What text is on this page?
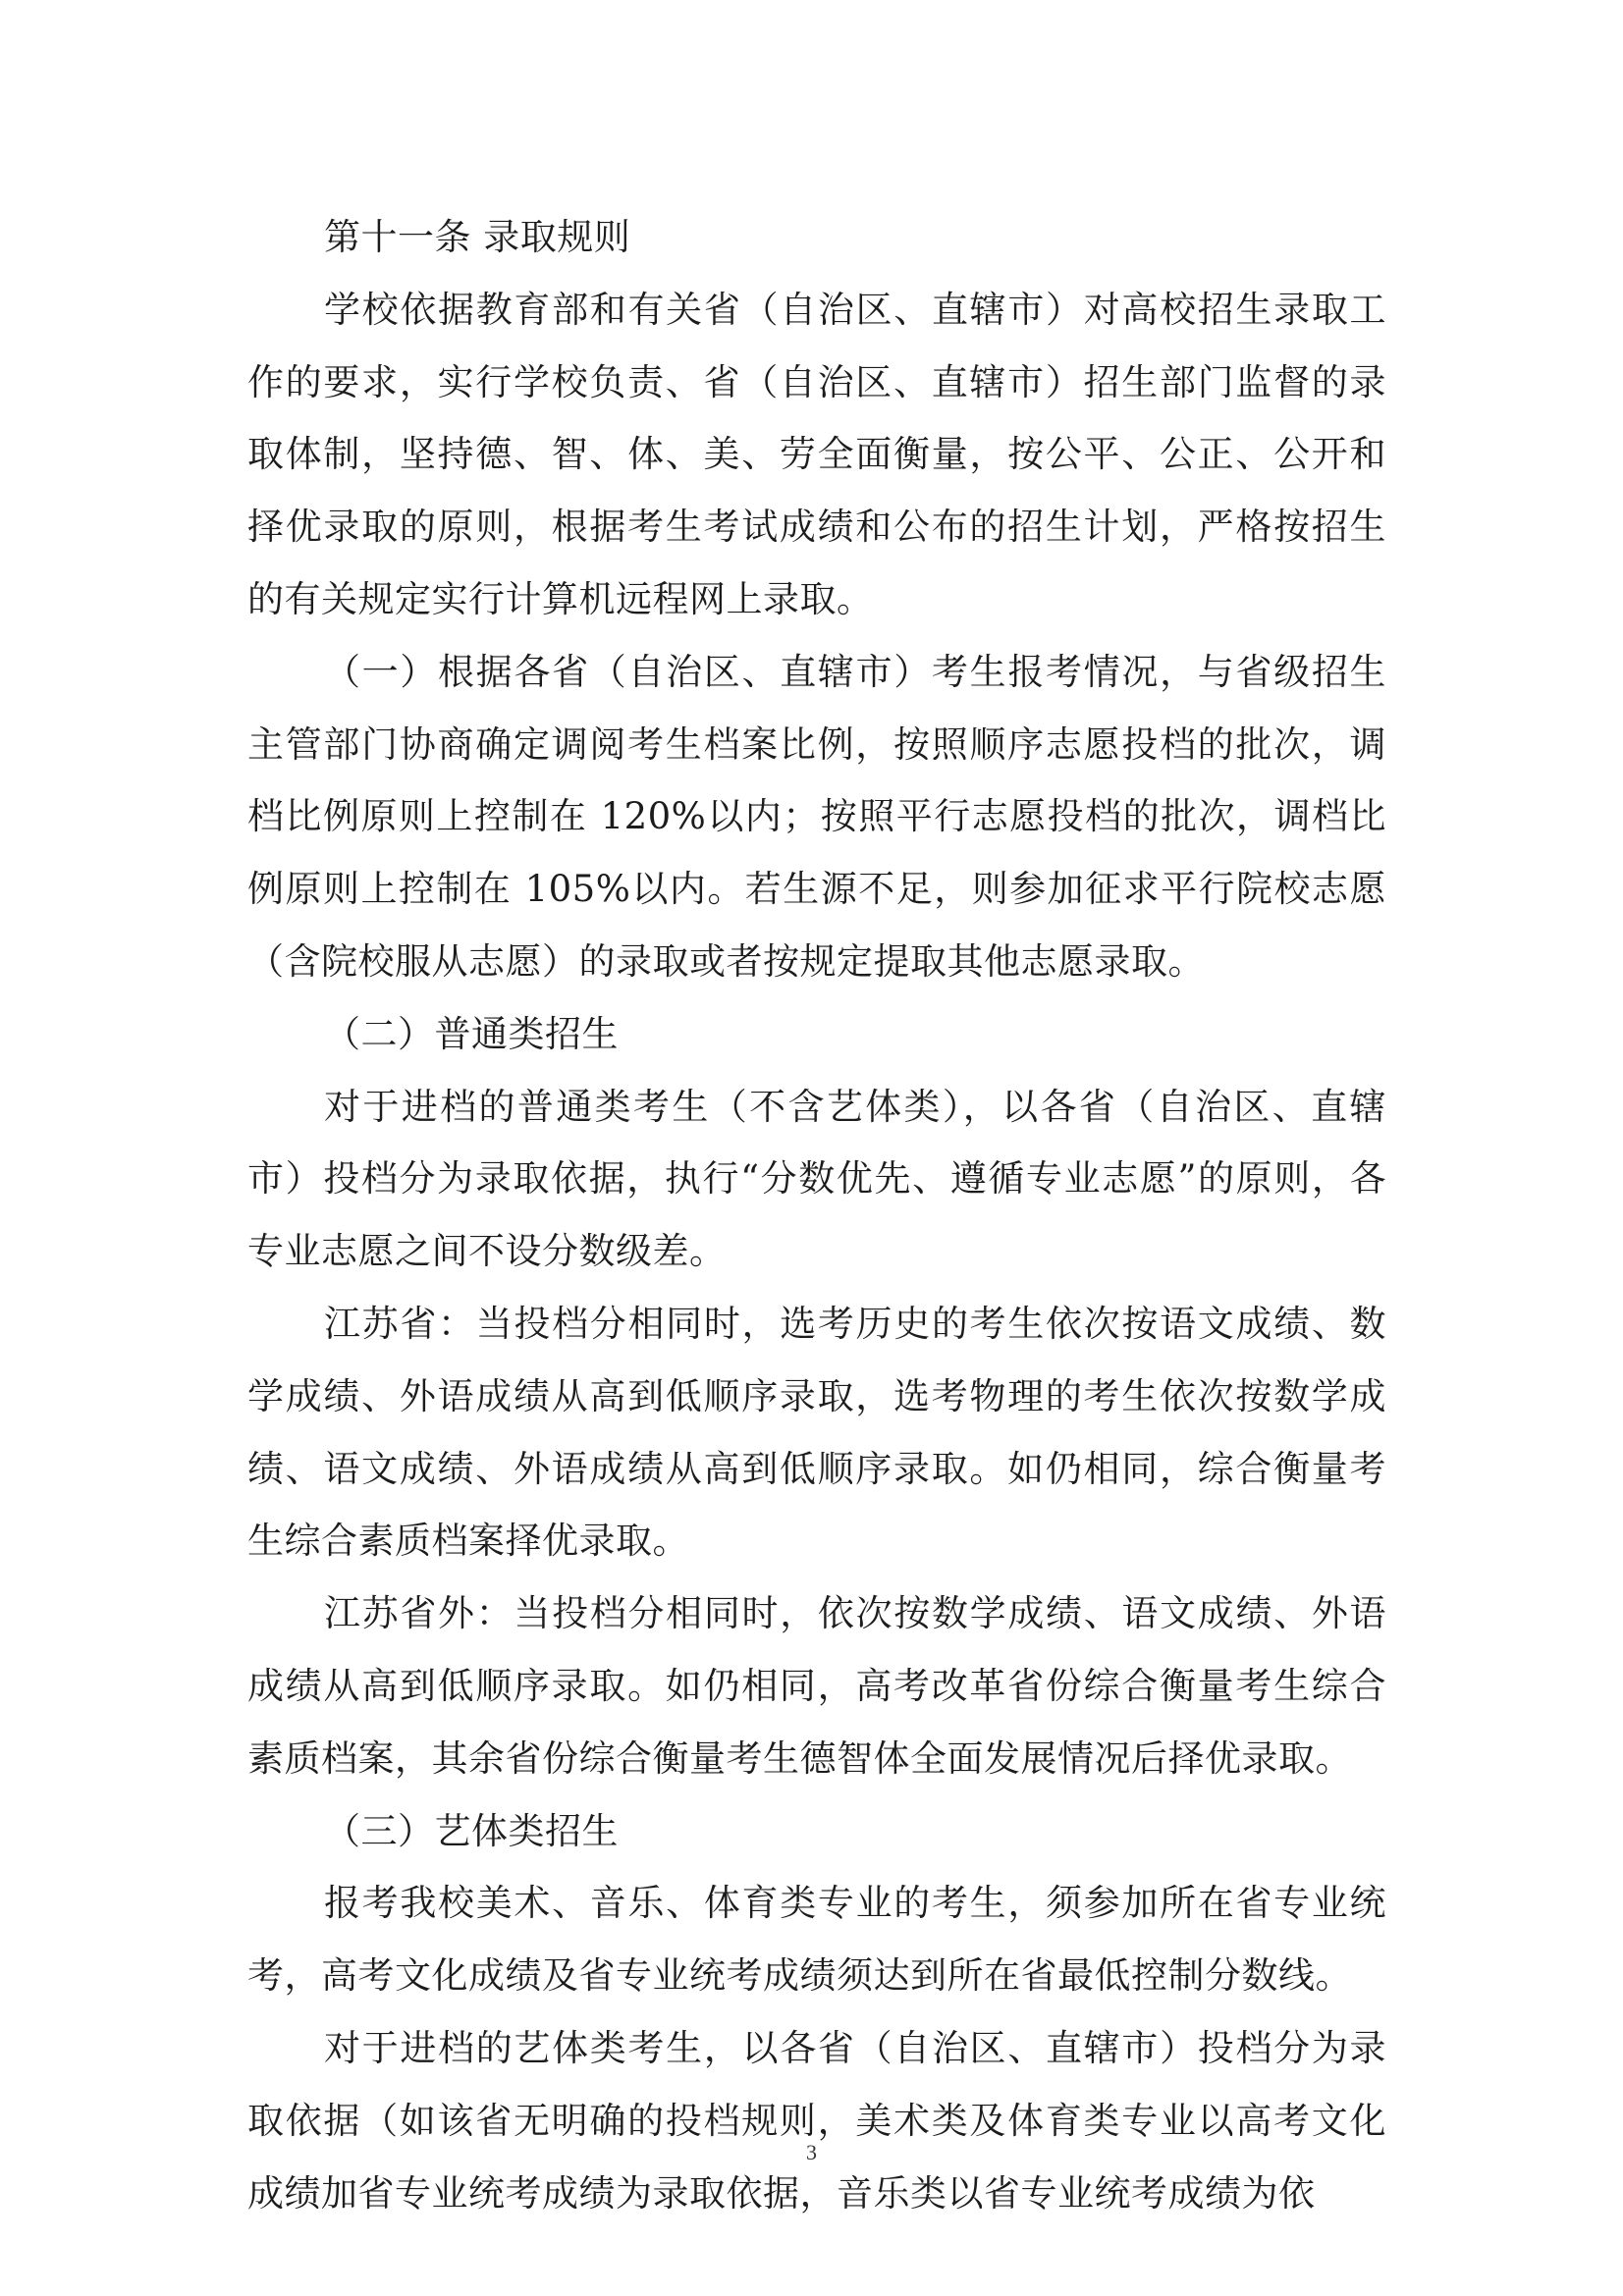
第十一条 录取规则

学校依据教育部和有关省（自治区、直辖市）对高校招生录取工作的要求，实行学校负责、省（自治区、直辖市）招生部门监督的录取体制，坚持德、智、体、美、劳全面衡量，按公平、公正、公开和择优录取的原则，根据考生考试成绩和公布的招生计划，严格按招生的有关规定实行计算机远程网上录取。

（一）根据各省（自治区、直辖市）考生报考情况，与省级招生主管部门协商确定调阅考生档案比例，按照顺序志愿投档的批次，调档比例原则上控制在 120%以内；按照平行志愿投档的批次，调档比例原则上控制在 105%以内。若生源不足，则参加征求平行院校志愿（含院校服从志愿）的录取或者按规定提取其他志愿录取。

（二）普通类招生

对于进档的普通类考生（不含艺体类），以各省（自治区、直辖市）投档分为录取依据，执行“分数优先、遵循专业志愿”的原则，各专业志愿之间不设分数级差。

江苏省：当投档分相同时，选考历史的考生依次按语文成绩、数学成绩、外语成绩从高到低顺序录取，选考物理的考生依次按数学成绩、语文成绩、外语成绩从高到低顺序录取。如仍相同，综合衡量考生综合素质档案择优录取。

江苏省外：当投档分相同时，依次按数学成绩、语文成绩、外语成绩从高到低顺序录取。如仍相同，高考改革省份综合衡量考生综合素质档案，其余省份综合衡量考生德智体全面发展情况后择优录取。

（三）艺体类招生

报考我校美术、音乐、体育类专业的考生，须参加所在省专业统考，高考文化成绩及省专业统考成绩须达到所在省最低控制分数线。

对于进档的艺体类考生，以各省（自治区、直辖市）投档分为录取依据（如该省无明确的投档规则，美术类及体育类专业以高考文化成绩加省专业统考成绩为录取依据，音乐类以省专业统考成绩为依

3
